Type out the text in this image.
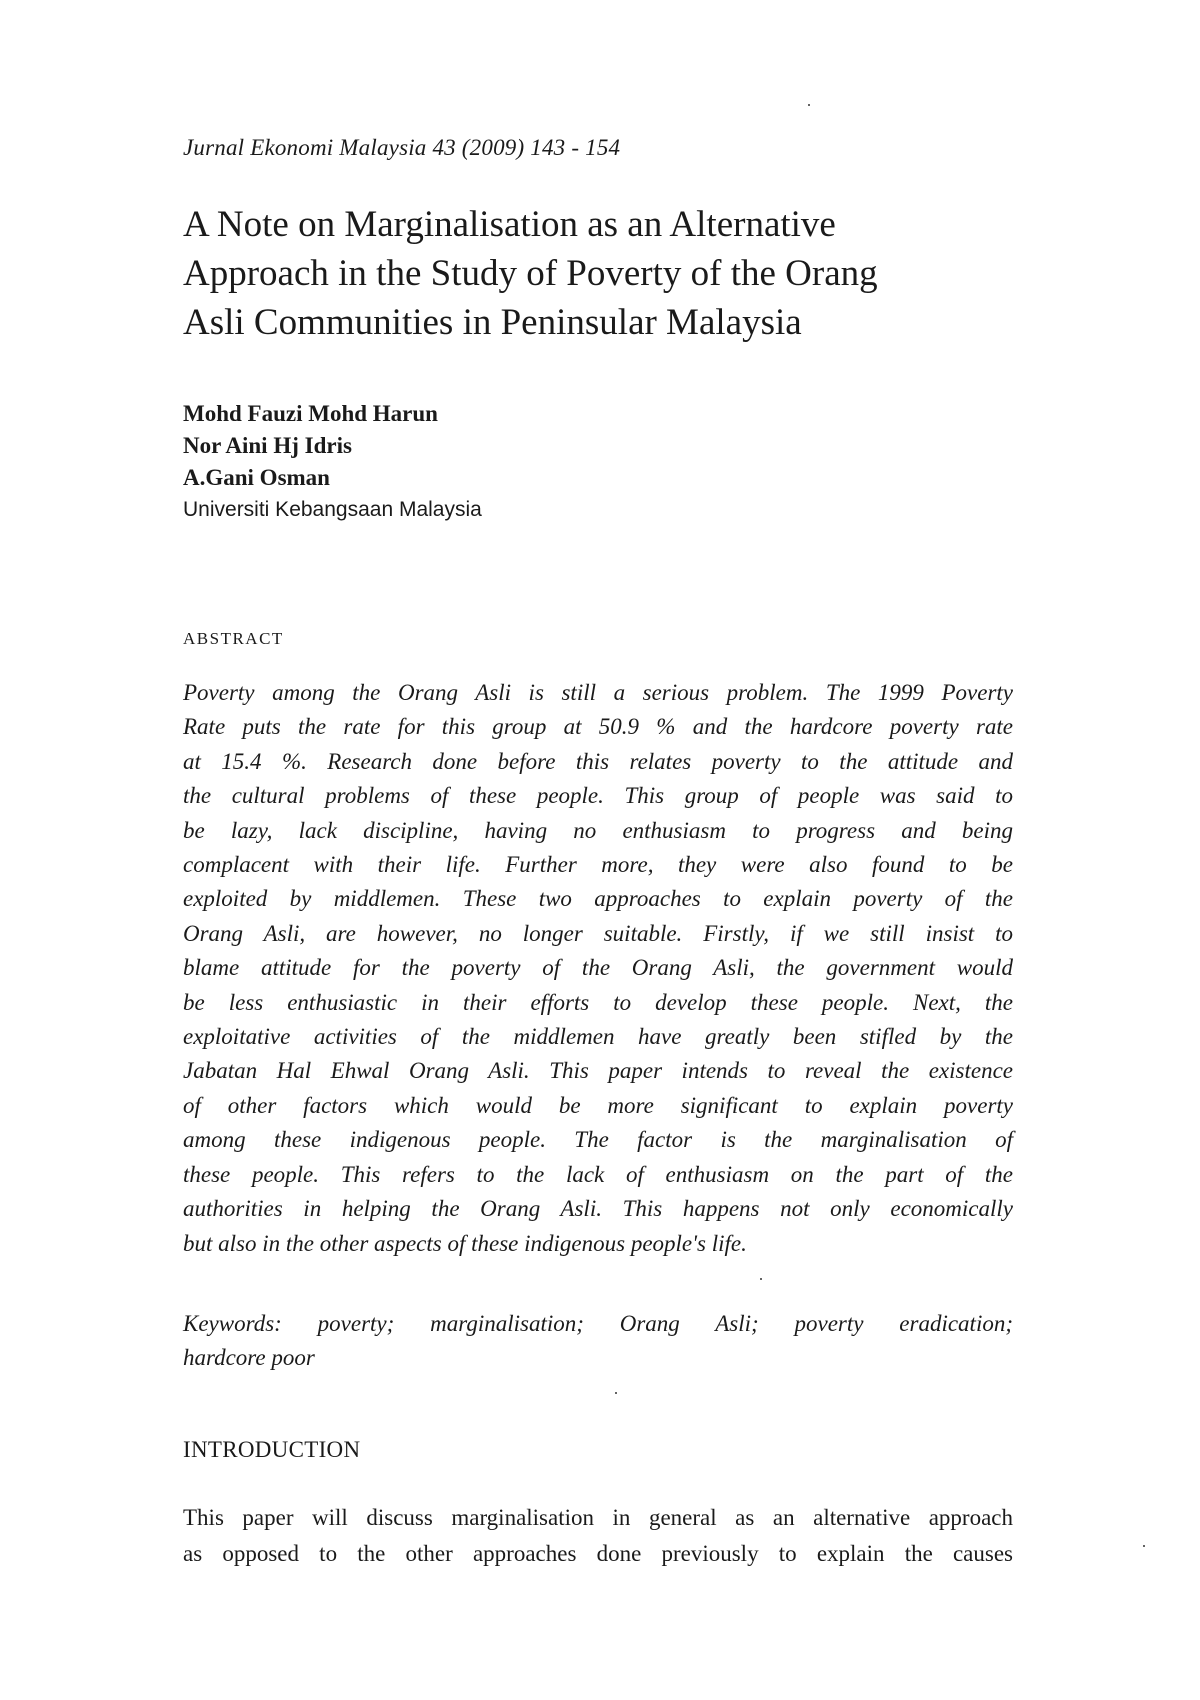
Jurnal Ekonomi Malaysia 43 (2009) 143 - 154
A Note on Marginalisation as an Alternative
Approach in the Study of Poverty of the Orang
Asli Communities in Peninsular Malaysia
Mohd Fauzi Mohd Harun
Nor Aini Hj Idris
A.Gani Osman
Universiti Kebangsaan Malaysia
ABSTRACT

Poverty among the Orang Asli is still a serious problem. The 1999 Poverty
Rate puts the rate for this group at 50.9 % and the hardcore poverty rate
at 15.4 %. Research done before this relates poverty to the attitude and
the cultural problems of these people. This group of people was said to
be lazy, lack discipline, having no enthusiasm to progress and being
complacent with their life. Further more, they were also found to be
exploited by middlemen. These two approaches to explain poverty of the
Orang Asli, are however, no longer suitable. Firstly, if we still insist to
blame attitude for the poverty of the Orang Asli, the government would
be less enthusiastic in their efforts to develop these people. Next, the
exploitative activities of the middlemen have greatly been stifled by the
Jabatan Hal Ehwal Orang Asli. This paper intends to reveal the existence
of other factors which would be more significant to explain poverty
among these indigenous people. The factor is the marginalisation of
these people. This refers to the lack of enthusiasm on the part of the
authorities in helping the Orang Asli. This happens not only economically
but also in the other aspects of these indigenous people's life.

Keywords: poverty; marginalisation; Orang Asli; poverty eradication;
hardcore poor

INTRODUCTION

This paper will discuss marginalisation in general as an alternative approach
as opposed to the other approaches done previously to explain the causes
